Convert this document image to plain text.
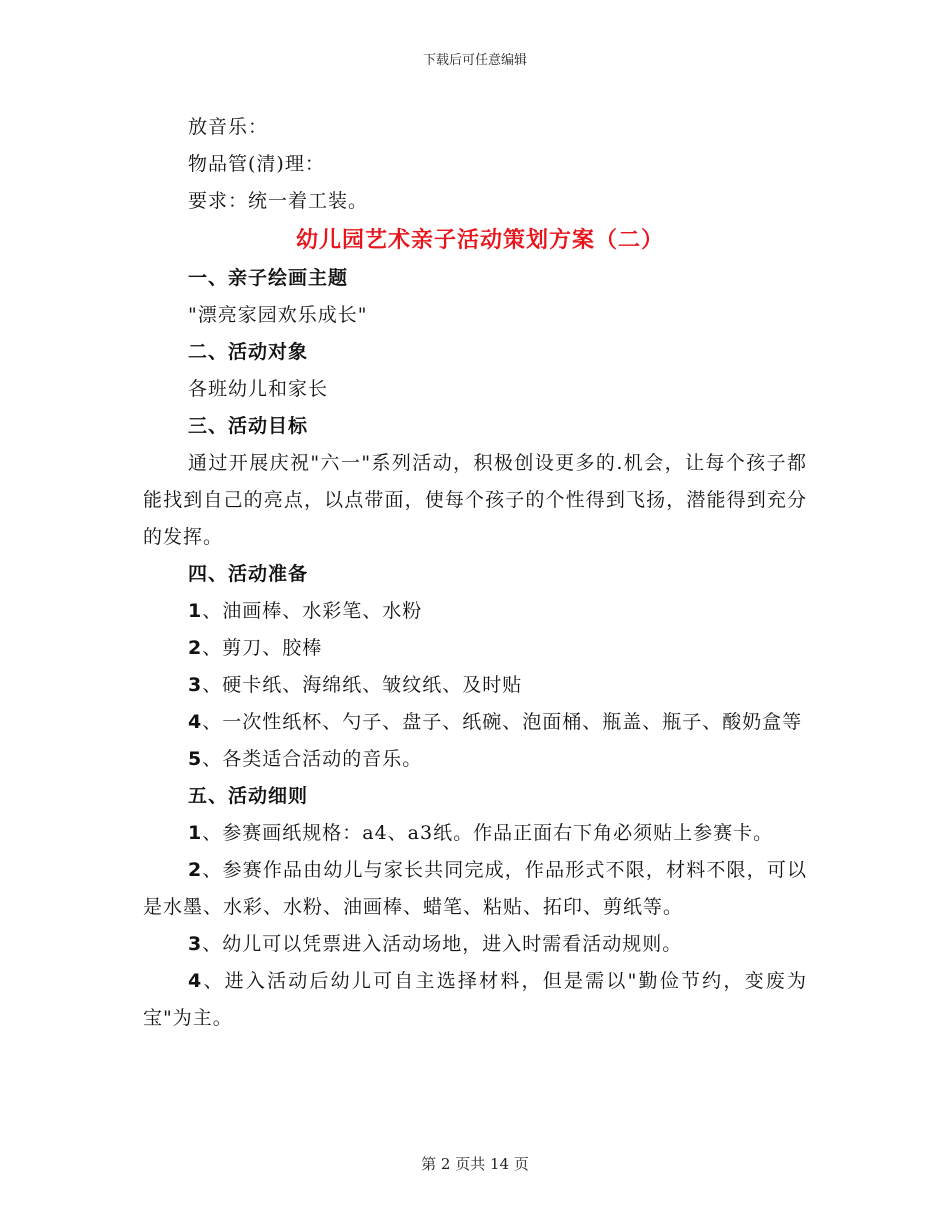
下载后可任意编辑
放音乐：
物品管(清)理：
要求：统一着工装。
幼儿园艺术亲子活动策划方案（二）
一、亲子绘画主题
"漂亮家园欢乐成长"
二、活动对象
各班幼儿和家长
三、活动目标
通过开展庆祝"六一"系列活动，积极创设更多的.机会，让每个孩子都能找到自己的亮点，以点带面，使每个孩子的个性得到飞扬，潜能得到充分的发挥。
四、活动准备
1、油画棒、水彩笔、水粉
2、剪刀、胶棒
3、硬卡纸、海绵纸、皱纹纸、及时贴
4、一次性纸杯、勺子、盘子、纸碗、泡面桶、瓶盖、瓶子、酸奶盒等
5、各类适合活动的音乐。
五、活动细则
1、参赛画纸规格：a4、a3纸。作品正面右下角必须贴上参赛卡。
2、参赛作品由幼儿与家长共同完成，作品形式不限，材料不限，可以是水墨、水彩、水粉、油画棒、蜡笔、粘贴、拓印、剪纸等。
3、幼儿可以凭票进入活动场地，进入时需看活动规则。
4、进入活动后幼儿可自主选择材料，但是需以"勤俭节约，变废为宝"为主。
第 2 页共 14 页
